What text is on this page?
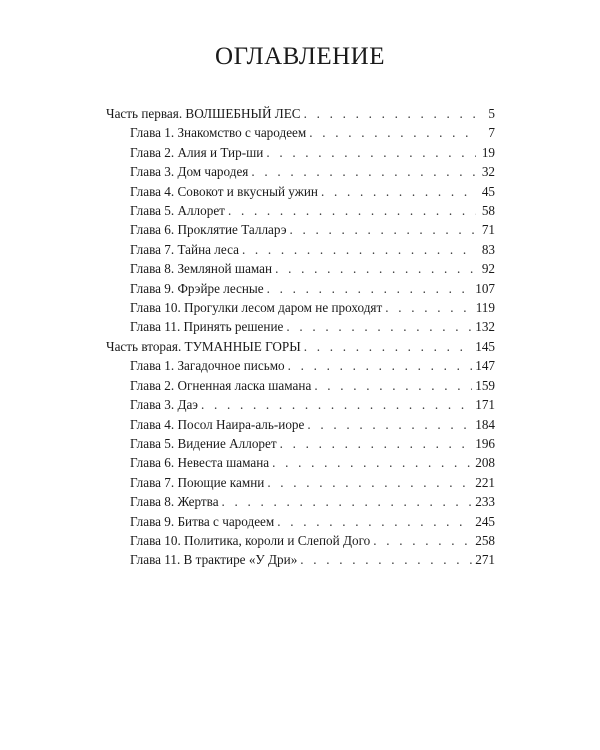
ОГЛАВЛЕНИЕ
Часть первая. ВОЛШЕБНЫЙ ЛЕС . . .	5
Глава 1. Знакомство с чародеем . . .	7
Глава 2. Алия и Тир-ши . . .	19
Глава 3. Дом чародея . . .	32
Глава 4. Совокот и вкусный ужин . . .	45
Глава 5. Аллорет . . .	58
Глава 6. Проклятие Талларэ . . .	71
Глава 7. Тайна леса . . .	83
Глава 8. Земляной шаман . . .	92
Глава 9. Фрэйре лесные . . .	107
Глава 10. Прогулки лесом даром не проходят . . .	119
Глава 11. Принять решение . . .	132
Часть вторая. ТУМАННЫЕ ГОРЫ . . .	145
Глава 1. Загадочное письмо . . .	147
Глава 2. Огненная ласка шамана . . .	159
Глава 3. Даэ . . .	171
Глава 4. Посол Наира-аль-иоре . . .	184
Глава 5. Видение Аллорет . . .	196
Глава 6. Невеста шамана . . .	208
Глава 7. Поющие камни . . .	221
Глава 8. Жертва . . .	233
Глава 9. Битва с чародеем . . .	245
Глава 10. Политика, короли и Слепой Дого . . .	258
Глава 11. В трактире «У Дри» . . .	271
